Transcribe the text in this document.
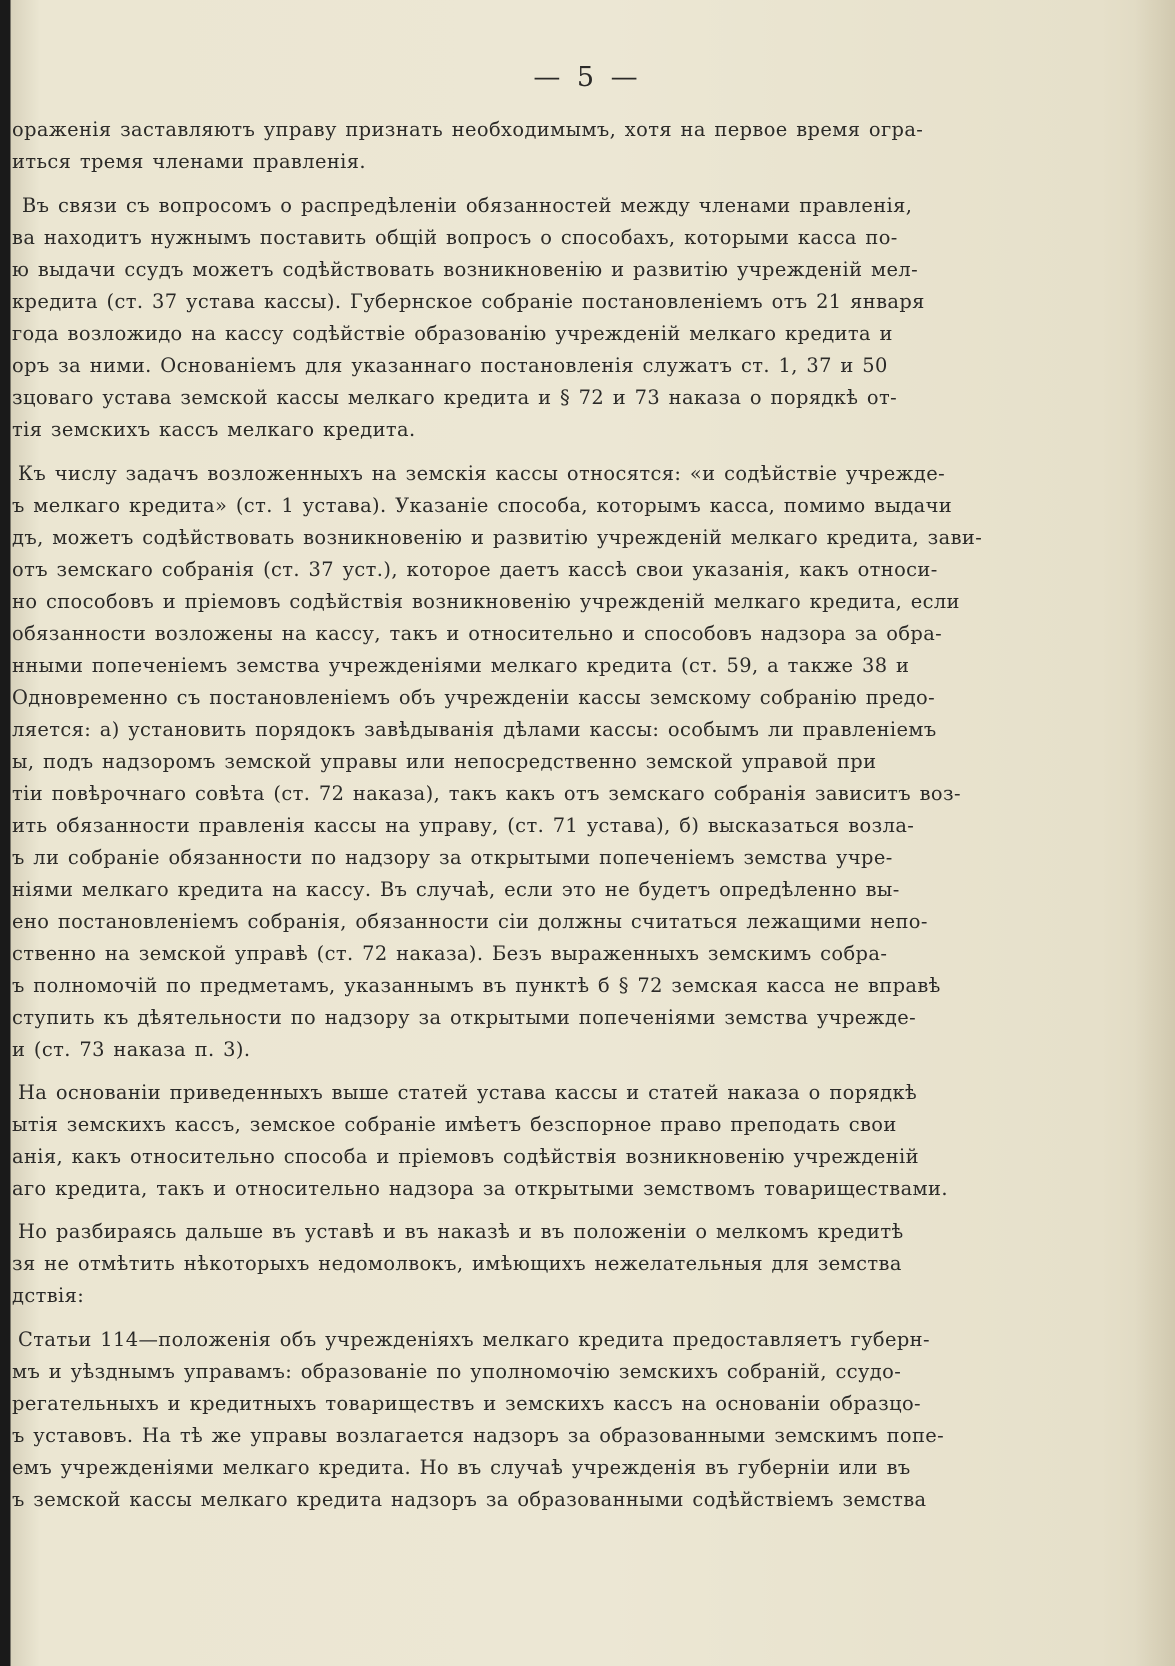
— 5 —
ораженія заставляютъ управу признать необходимымъ, хотя на первое время огра-
иться тремя членами правленія.
Въ связи съ вопросомъ о распредѣленіи обязанностей между членами правленія,
ва находитъ нужнымъ поставить общій вопросъ о способахъ, которыми касса по-
ю выдачи ссудъ можетъ содѣйствовать возникновенію и развитію учрежденій мел-
кредита (ст. 37 устава кассы). Губернское собраніе постановленіемъ отъ 21 января
года возложидо на кассу содѣйствіе образованію учрежденій мелкаго кредита и
оръ за ними. Основаніемъ для указаннаго постановленія служатъ ст. 1, 37 и 50
зцоваго устава земской кассы мелкаго кредита и § 72 и 73 наказа о порядкѣ от-
тія земскихъ кассъ мелкаго кредита.
Къ числу задачъ возложенныхъ на земскія кассы относятся: «и содѣйствіе учрежде-
ъ мелкаго кредита» (ст. 1 устава). Указаніе способа, которымъ касса, помимо выдачи
дъ, можетъ содѣйствовать возникновенію и развитію учрежденій мелкаго кредита, зави-
отъ земскаго собранія (ст. 37 уст.), которое даетъ кассѣ свои указанія, какъ относи-
но способовъ и пріемовъ содѣйствія возникновенію учрежденій мелкаго кредита, если
обязанности возложены на кассу, такъ и относительно и способовъ надзора за обра-
нными попеченіемъ земства учрежденіями мелкаго кредита (ст. 59, а также 38 и
Одновременно съ постановленіемъ объ учрежденіи кассы земскому собранію предо-
ляется: а) установить порядокъ завѣдыванія дѣлами кассы: особымъ ли правленіемъ
ы, подъ надзоромъ земской управы или непосредственно земской управой при
тіи повѣрочнаго совѣта (ст. 72 наказа), такъ какъ отъ земскаго собранія зависитъ воз-
ить обязанности правленія кассы на управу, (ст. 71 устава), б) высказаться возла-
ъ ли собраніе обязанности по надзору за открытыми попеченіемъ земства учре-
ніями мелкаго кредита на кассу. Въ случаѣ, если это не будетъ опредѣленно вы-
ено постановленіемъ собранія, обязанности сіи должны считаться лежащими непо-
ственно на земской управѣ (ст. 72 наказа). Безъ выраженныхъ земскимъ собра-
ъ полномочій по предметамъ, указаннымъ въ пунктѣ б § 72 земская касса не вправѣ
ступить къ дѣятельности по надзору за открытыми попеченіями земства учрежде-
и (ст. 73 наказа п. 3).
На основаніи приведенныхъ выше статей устава кассы и статей наказа о порядкѣ
ытія земскихъ кассъ, земское собраніе имѣетъ безспорное право преподать свои
анія, какъ относительно способа и пріемовъ содѣйствія возникновенію учрежденій
аго кредита, такъ и относительно надзора за открытыми земствомъ товариществами.
Но разбираясь дальше въ уставѣ и въ наказѣ и въ положеніи о мелкомъ кредитѣ
зя не отмѣтить нѣкоторыхъ недомолвокъ, имѣющихъ нежелательныя для земства
дствія:
Статьи 114—положенія объ учрежденіяхъ мелкаго кредита предоставляетъ губерн-
мъ и уѣзднымъ управамъ: образованіе по уполномочію земскихъ собраній, ссудо-
регательныхъ и кредитныхъ товариществъ и земскихъ кассъ на основаніи образцо-
ъ уставовъ. На тѣ же управы возлагается надзоръ за образованными земскимъ попе-
емъ учрежденіями мелкаго кредита. Но въ случаѣ учрежденія въ губерніи или въ
ъ земской кассы мелкаго кредита надзоръ за образованными содѣйствіемъ земства
